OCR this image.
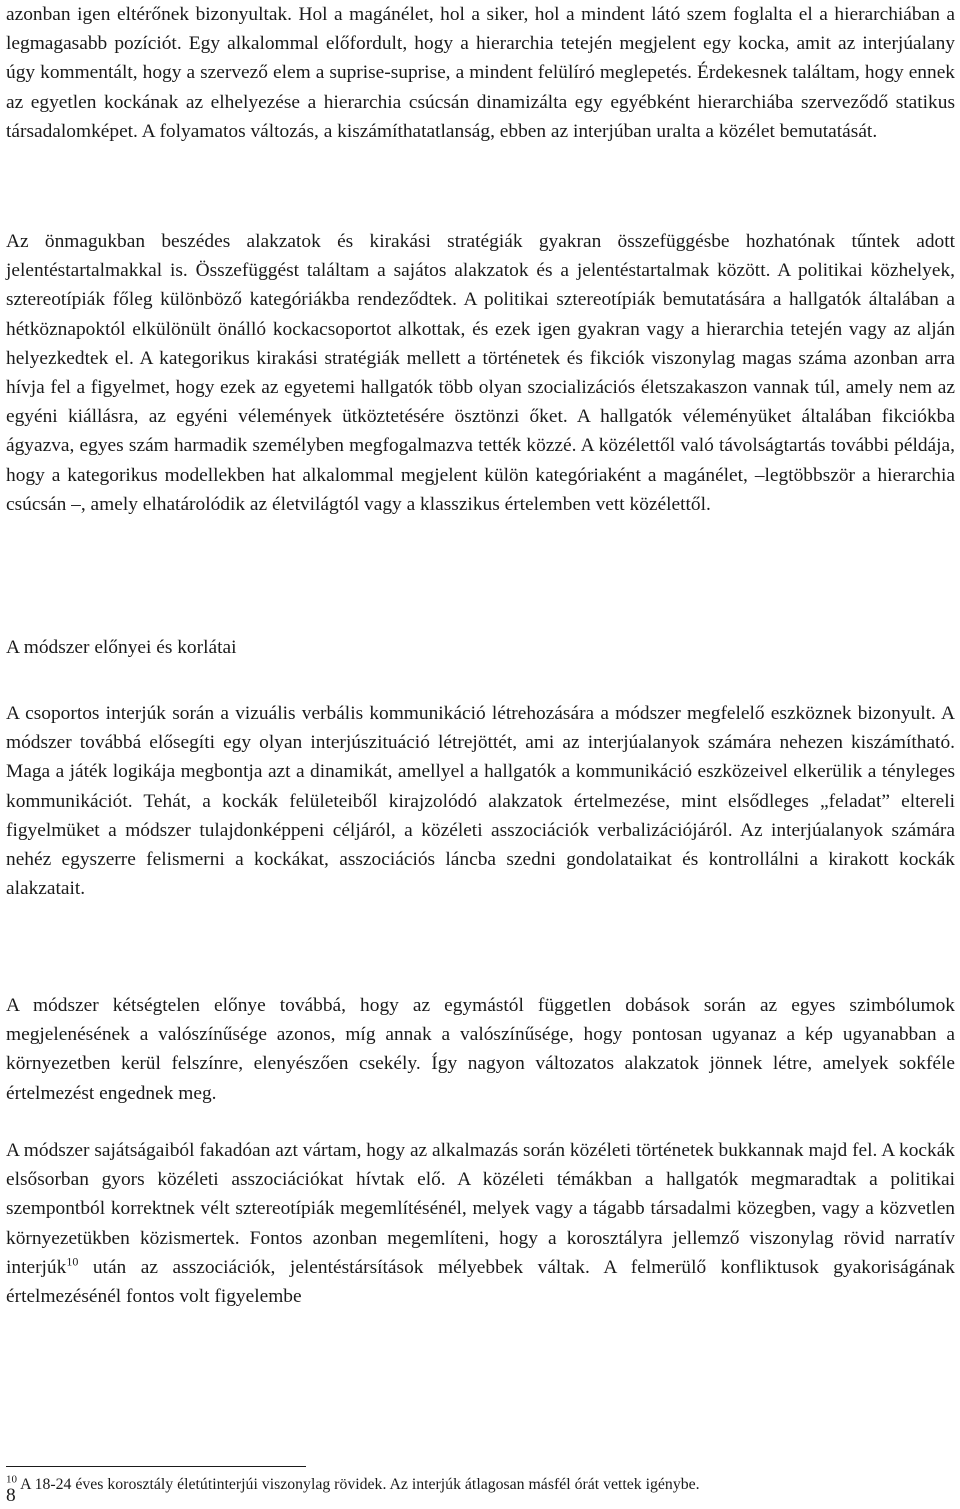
azonban igen eltérőnek bizonyultak. Hol a magánélet, hol a siker, hol a mindent látó szem foglalta el a hierarchiában a legmagasabb pozíciót. Egy alkalommal előfordult, hogy a hierarchia tetején megjelent egy kocka, amit az interjúalany úgy kommentált, hogy a szervező elem a suprise-suprise, a mindent felülíró meglepetés. Érdekesnek találtam, hogy ennek az egyetlen kockának az elhelyezése a hierarchia csúcsán dinamizálta egy egyébként hierarchiába szerveződő statikus társadalomképet. A folyamatos változás, a kiszámíthatatlanság, ebben az interjúban uralta a közélet bemutatását.

Az önmagukban beszédes alakzatok és kirakási stratégiák gyakran összefüggésbe hozhatónak tűntek adott jelentéstartalmakkal is. Összefüggést találtam a sajátos alakzatok és a jelentéstartalmak között. A politikai közhelyek, sztereotípiák főleg különböző kategóriákba rendeződtek. A politikai sztereotípiák bemutatására a hallgatók általában a hétköznapoktól elkülönült önálló kockacsoportot alkottak, és ezek igen gyakran vagy a hierarchia tetején vagy az alján helyezkedtek el. A kategorikus kirakási stratégiák mellett a történetek és fikciók viszonylag magas száma azonban arra hívja fel a figyelmet, hogy ezek az egyetemi hallgatók több olyan szocializációs életszakaszon vannak túl, amely nem az egyéni kiállásra, az egyéni vélemények ütköztetésére ösztönzi őket. A hallgatók véleményüket általában fikciókba ágyazva, egyes szám harmadik személyben megfogalmazva tették közzé. A közélettől való távolságtartás további példája, hogy a kategorikus modellekben hat alkalommal megjelent külön kategóriaként a magánélet, –legtöbbször a hierarchia csúcsán –, amely elhatárolódik az életvilágtól vagy a klasszikus értelemben vett közélettől.

A módszer előnyei és korlátai

A csoportos interjúk során a vizuális verbális kommunikáció létrehozására a módszer megfelelő eszköznek bizonyult. A módszer továbbá elősegíti egy olyan interjúszituáció létrejöttét, ami az interjúalanyok számára nehezen kiszámítható. Maga a játék logikája megbontja azt a dinamikát, amellyel a hallgatók a kommunikáció eszközeivel elkerülik a tényleges kommunikációt. Tehát, a kockák felületeiből kirajzolódó alakzatok értelmezése, mint elsődleges „feladat” eltereli figyelmüket a módszer tulajdonképpeni céljáról, a közéleti asszociációk verbalizációjáról. Az interjúalanyok számára nehéz egyszerre felismerni a kockákat, asszociációs láncba szedni gondolataikat és kontrollálni a kirakott kockák alakzatait.

A módszer kétségtelen előnye továbbá, hogy az egymástól független dobások során az egyes szimbólumok megjelenésének a valószínűsége azonos, míg annak a valószínűsége, hogy pontosan ugyanaz a kép ugyanabban a környezetben kerül felszínre, elenyészően csekély. Így nagyon változatos alakzatok jönnek létre, amelyek sokféle értelmezést engednek meg.

A módszer sajátságaiból fakadóan azt vártam, hogy az alkalmazás során közéleti történetek bukkannak majd fel. A kockák elsősorban gyors közéleti asszociációkat hívtak elő. A közéleti témákban a hallgatók megmaradtak a politikai szempontból korrektnek vélt sztereotípiák megemlítésénél, melyek vagy a tágabb társadalmi közegben, vagy a közvetlen környezetükben közismertek. Fontos azonban megemlíteni, hogy a korosztályra jellemző viszonylag rövid narratív interjúk$^{10}$ után az asszociációk, jelentéstársítások mélyebbek váltak. A felmerülő konfliktusok gyakoriságának értelmezésénél fontos volt figyelembe

$^{10}$ A 18-24 éves korosztály életútinterjúi viszonylag rövidek. Az interjúk átlagosan másfél órát vettek igénybe.

8
